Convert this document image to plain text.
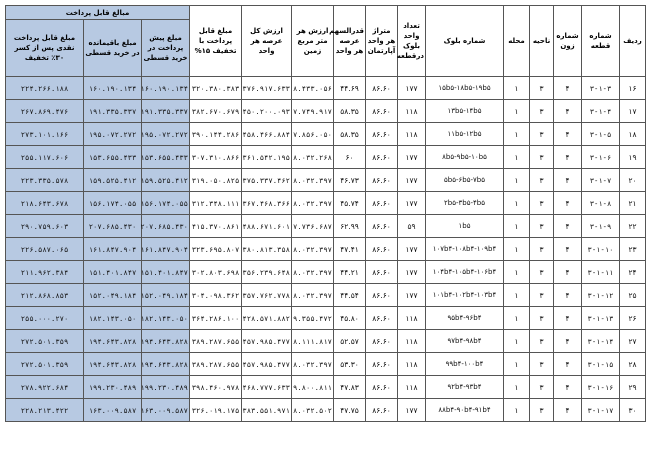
ردیف	شماره قطعه	شماره زون	ناحیه	محله	شماره بلوک	تعداد واحد بلوک درقطعه	متراژ هر واحد آپارتمان	قدرالسهم عرصه هر واحد	ارزش هر متر مربع زمین	ارزش کل عرصه هر واحد	مبلغ قابل پرداخت با تخفیف ۱۵%	مبالغ قابل پرداخت		
												مبلغ پیش پرداخت در خرید قسطی	مبلغ باقیمانده در خرید قسطی	مبلغ قابل پرداخت نقدی پس از کسر ۳۰٪ تخفیف
۱۶	۳-۱-۳	۴	۳	۱	۱۵b۵-۱۸b۵-۱۹b۵	۱۷۷	۸۶.۶۰	۴۴.۶۹	۸.۴۳۳.۰۵۶	۳۷۶.۹۱۷.۶۳۳	۳۲۰.۳۸۰.۳۸۳	۱۶۰.۱۹۰.۱۳۴	۱۶۰.۱۹۰.۱۳۴	۲۲۴.۲۶۶.۱۸۸
۱۷	۳-۱-۴	۴	۳	۱	۱۳b۵-۱۴b۵	۱۱۸	۸۶.۶۰	۵۸.۳۵	۷.۷۴۹.۹۱۷	۴۵۰.۲۰۰.۰۹۳	۳۸۲.۶۷۰.۶۷۹	۱۹۱.۳۳۵.۳۳۷	۱۹۱.۳۳۵.۳۳۷	۲۶۷.۸۶۹.۴۷۶
۱۸	۳-۱-۵	۴	۳	۱	۱۱b۵-۱۲b۵	۱۱۸	۸۶.۶۰	۵۸.۳۵	۷.۸۵۶.۰۵۰	۴۵۸.۴۶۶.۸۸۴	۳۹۰.۱۴۴.۲۸۶	۱۹۵.۰۷۲.۲۷۲	۱۹۵.۰۷۲.۲۷۲	۲۷۳.۱۰۱.۱۶۶
۱۹	۳-۱-۶	۴	۳	۱	۸b۵-۹b۵-۱۰b۵	۱۷۷	۸۶.۶۰	۶۰	۸.۰۳۲.۲۶۸	۳۶۱.۵۴۲.۱۹۵	۳۰۷.۳۱۰.۸۶۶	۱۵۳.۶۵۵.۴۳۳	۱۵۳.۶۵۵.۴۳۳	۲۵۵.۱۱۷.۶۰۶
۲۰	۳-۱-۷	۴	۳	۱	۵b۵-۶b۵-۷b۵	۱۷۷	۸۶.۶۰	۴۶.۷۳	۸.۰۳۲.۳۹۷	۳۷۵.۳۳۷.۴۶۲	۳۱۹.۰۵۰.۸۲۵	۱۵۹.۵۲۵.۴۱۲	۱۵۹.۵۲۵.۴۱۲	۲۲۳.۳۳۵.۵۷۸
۲۱	۳-۱-۸	۴	۳	۱	۲b۵-۳b۵-۴b۵	۱۷۷	۸۶.۶۰	۴۵.۷۴	۸.۰۳۲.۳۹۷	۳۶۷.۴۶۸.۳۶۶	۳۱۲.۳۴۸.۱۱۱	۱۵۶.۱۷۴.۰۵۵	۱۵۶.۱۷۴.۰۵۵	۲۱۸.۶۴۳.۶۷۸
۲۲	۳-۱-۹	۴	۳	۱	۱b۵	۵۹	۸۶.۶۰	۶۲.۹۹	۷.۷۳۶.۶۸۷	۴۸۸.۶۷۱.۶۰۱	۴۱۵.۳۷۰.۸۶۱	۲۰۷.۶۸۵.۴۳۰	۲۰۷.۶۸۵.۴۳۰	۲۹۰.۷۵۹.۶۰۳
۲۳	۳-۱-۱۰	۴	۳	۱	۱۰۷b۴-۱۰۸b۴-۱۰۹b۴	۱۷۷	۸۶.۶۰	۴۷.۴۱	۸.۰۳۲.۳۹۷	۳۸۰.۸۱۳.۳۵۸	۳۲۳.۶۹۵.۸۰۷	۱۶۱.۸۴۷.۹۰۴	۱۶۱.۸۴۷.۹۰۴	۲۲۶.۵۸۷.۰۶۵
۲۴	۳-۱-۱۱	۴	۳	۱	۱۰۴b۴-۱۰۵b۴-۱۰۶b۴	۱۷۷	۸۶.۶۰	۴۴.۲۱	۸.۰۳۲.۳۹۷	۳۵۶.۲۳۹.۶۴۸	۳۰۲.۸۰۳.۶۹۸	۱۵۱.۴۰۱.۸۴۷	۱۵۱.۴۰۱.۸۴۷	۲۱۱.۹۶۲.۳۸۴
۲۵	۳-۱-۱۲	۴	۳	۱	۱۰۱b۴-۱۰۲b۴-۱۰۳b۴	۱۷۷	۸۶.۶۰	۴۴.۵۴	۸.۰۳۲.۳۹۷	۳۵۷.۷۶۲.۷۷۸	۳۰۴.۰۹۸.۳۶۲	۱۵۲.۰۴۹.۱۸۴	۱۵۲.۰۴۹.۱۸۴	۲۱۲.۸۶۸.۸۵۳
۲۶	۳-۱-۱۳	۴	۳	۱	۹۵b۴-۹۶b۴	۱۱۸	۸۶.۶۰	۴۵.۸۰	۹.۳۵۵.۴۷۲	۴۲۸.۵۷۱.۸۸۲	۳۶۴.۲۸۶.۱۰۰	۱۸۲.۱۴۳.۰۵۰	۱۸۲.۱۴۳.۰۵۰	۲۵۵.۰۰۰.۲۷۰
۲۷	۳-۱-۱۴	۴	۳	۱	۹۷b۴-۹۸b۴	۱۱۸	۸۶.۶۰	۵۲.۵۷	۸.۱۱۱.۸۱۷	۴۵۷.۹۸۵.۴۷۷	۳۸۹.۲۸۷.۶۵۵	۱۹۴.۶۴۳.۸۲۸	۱۹۴.۶۴۳.۸۲۸	۲۷۲.۵۰۱.۳۵۹
۲۸	۳-۱-۱۵	۴	۳	۱	۹۹b۴-۱۰۰b۴	۱۱۸	۸۶.۶۰	۵۳.۳۰	۸.۰۳۲.۳۹۷	۴۵۷.۹۸۵.۴۷۷	۳۸۹.۲۸۷.۶۵۵	۱۹۴.۶۴۳.۸۲۸	۱۹۴.۶۴۳.۸۲۸	۲۷۲.۵۰۱.۳۵۹
۲۹	۳-۱-۱۶	۴	۳	۱	۹۲b۴-۹۳b۴	۱۱۸	۸۶.۶۰	۴۷.۸۳	۹.۸۰۰.۸۱۱	۴۶۸.۷۷۷.۶۳۳	۳۹۸.۴۶۰.۹۷۸	۱۹۹.۲۳۰.۴۸۹	۱۹۹.۲۳۰.۴۸۹	۲۷۸.۹۲۲.۶۸۴
۳۰	۳-۱-۱۷	۴	۳	۱	۸۸b۴-۹۰b۴-۹۱b۴	۱۷۷	۸۶.۶۰	۴۷.۷۵	۸.۰۳۲.۵۰۲	۳۸۳.۵۵۱.۹۷۱	۳۲۶.۰۱۹.۱۷۵	۱۶۳.۰۰۹.۵۸۷	۱۶۳.۰۰۹.۵۸۷	۲۲۸.۲۱۳.۴۲۲
